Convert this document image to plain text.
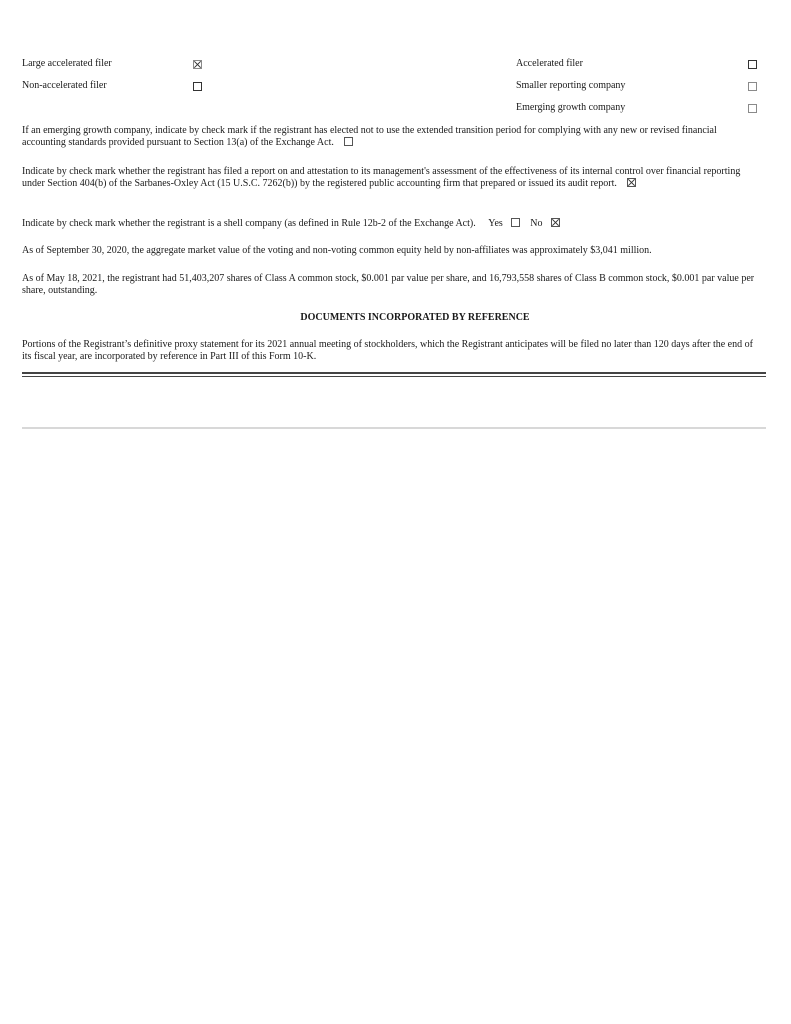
Large accelerated filer	Accelerated filer
Non-accelerated filer	Smaller reporting company
Emerging growth company
If an emerging growth company, indicate by check mark if the registrant has elected not to use the extended transition period for complying with any new or revised financial accounting standards provided pursuant to Section 13(a) of the Exchange Act.
Indicate by check mark whether the registrant has filed a report on and attestation to its management's assessment of the effectiveness of its internal control over financial reporting under Section 404(b) of the Sarbanes-Oxley Act (15 U.S.C. 7262(b)) by the registered public accounting firm that prepared or issued its audit report.
Indicate by check mark whether the registrant is a shell company (as defined in Rule 12b-2 of the Exchange Act). Yes	No
As of September 30, 2020, the aggregate market value of the voting and non-voting common equity held by non-affiliates was approximately $3,041 million.
As of May 18, 2021, the registrant had 51,403,207 shares of Class A common stock, $0.001 par value per share, and 16,793,558 shares of Class B common stock, $0.001 par value per share, outstanding.
DOCUMENTS INCORPORATED BY REFERENCE
Portions of the Registrant’s definitive proxy statement for its 2021 annual meeting of stockholders, which the Registrant anticipates will be filed no later than 120 days after the end of its fiscal year, are incorporated by reference in Part III of this Form 10-K.
